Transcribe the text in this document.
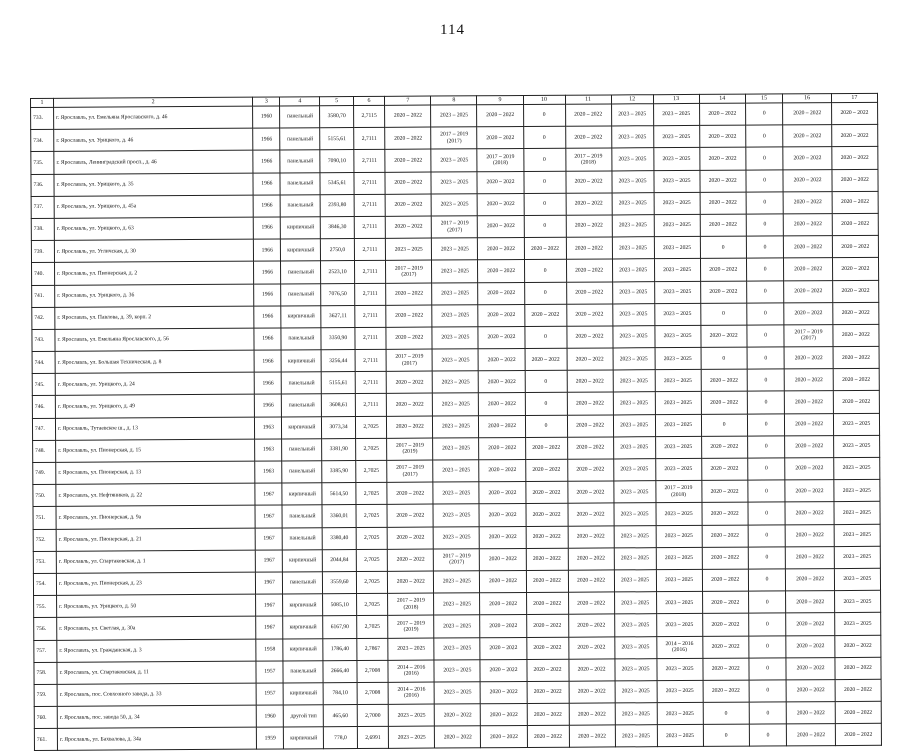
114
1	2	3	4	5	6	7	8	9	10	11	12	13	14	15	16	17
733.	г. Ярославль, ул. Емельяна Ярославского, д. 46	1960	панельный	3580,70	2,7115	2020 – 2022	2023 – 2025	2020 – 2022	0	2020 – 2022	2023 – 2025	2023 – 2025	2020 – 2022	0	2020 – 2022	2020 – 2022
734.	г. Ярославль, ул. Урицкого, д. 46	1966	панельный	5155,61	2,7111	2020 – 2022	2017 – 2019
(2017)	2020 – 2022	0	2020 – 2022	2023 – 2025	2023 – 2025	2020 – 2022	0	2020 – 2022	2020 – 2022
735.	г. Ярославль, Ленинградский просп., д. 46	1966	панельный	7090,10	2,7111	2020 – 2022	2023 – 2025	2017 – 2019
(2018)	0	2017 – 2019
(2018)	2023 – 2025	2023 – 2025	2020 – 2022	0	2020 – 2022	2020 – 2022
736.	г. Ярославль, ул. Урицкого, д. 35	1966	панельный	5345,61	2,7111	2020 – 2022	2023 – 2025	2020 – 2022	0	2020 – 2022	2023 – 2025	2023 – 2025	2020 – 2022	0	2020 – 2022	2020 – 2022
737.	г. Ярославль, ул. Урицкого, д. 45а	1966	панельный	2393,80	2,7111	2020 – 2022	2023 – 2025	2020 – 2022	0	2020 – 2022	2023 – 2025	2023 – 2025	2020 – 2022	0	2020 – 2022	2020 – 2022
738.	г. Ярославль, ул. Урицкого, д. 63	1966	кирпичный	3846,30	2,7111	2020 – 2022	2017 – 2019
(2017)	2020 – 2022	0	2020 – 2022	2023 – 2025	2023 – 2025	2020 – 2022	0	2020 – 2022	2020 – 2022
739.	г. Ярославль, ул. Угличская, д. 30	1966	кирпичный	2750,0	2,7111	2023 – 2025	2023 – 2025	2020 – 2022	2020 – 2022	2020 – 2022	2023 – 2025	2023 – 2025	0	0	2020 – 2022	2020 – 2022
740.	г. Ярославль, ул. Пионерская, д. 2	1966	панельный	2523,10	2,7111	2017 – 2019
(2017)	2023 – 2025	2020 – 2022	0	2020 – 2022	2023 – 2025	2023 – 2025	2020 – 2022	0	2020 – 2022	2020 – 2022
741.	г. Ярославль, ул. Урицкого, д. 36	1966	панельный	7076,50	2,7111	2020 – 2022	2023 – 2025	2020 – 2022	0	2020 – 2022	2023 – 2025	2023 – 2025	2020 – 2022	0	2020 – 2022	2020 – 2022
742.	г. Ярославль, ул. Павлова, д. 39, корп. 2	1966	кирпичный	3627,11	2,7111	2020 – 2022	2023 – 2025	2020 – 2022	2020 – 2022	2020 – 2022	2023 – 2025	2023 – 2025	0	0	2020 – 2022	2020 – 2022
743.	г. Ярославль, ул. Емельяна Ярославского, д. 56	1966	панельный	3350,90	2,7111	2020 – 2022	2023 – 2025	2020 – 2022	0	2020 – 2022	2023 – 2025	2023 – 2025	2020 – 2022	0	2017 – 2019
(2017)	2020 – 2022
744.	г. Ярославль, ул. Большая Техническая, д. 8	1966	кирпичный	3256,44	2,7111	2017 – 2019
(2017)	2023 – 2025	2020 – 2022	2020 – 2022	2020 – 2022	2023 – 2025	2023 – 2025	0	0	2020 – 2022	2020 – 2022
745.	г. Ярославль, ул. Урицкого, д. 24	1966	панельный	5155,61	2,7111	2020 – 2022	2023 – 2025	2020 – 2022	0	2020 – 2022	2023 – 2025	2023 – 2025	2020 – 2022	0	2020 – 2022	2020 – 2022
746.	г. Ярославль, ул. Урицкого, д. 49	1966	панельный	3608,61	2,7111	2020 – 2022	2023 – 2025	2020 – 2022	0	2020 – 2022	2023 – 2025	2023 – 2025	2020 – 2022	0	2020 – 2022	2020 – 2022
747.	г. Ярославль, Тутаевское ш., д. 13	1963	кирпичный	3073,34	2,7025	2020 – 2022	2023 – 2025	2020 – 2022	0	2020 – 2022	2023 – 2025	2023 – 2025	0	0	2020 – 2022	2023 – 2025
748.	г. Ярославль, ул. Пионерская, д. 15	1963	панельный	3381,90	2,7025	2017 – 2019
(2019)	2023 – 2025	2020 – 2022	2020 – 2022	2020 – 2022	2023 – 2025	2023 – 2025	2020 – 2022	0	2020 – 2022	2023 – 2025
749.	г. Ярославль, ул. Пионерская, д. 13	1963	панельный	3385,90	2,7025	2017 – 2019
(2017)	2023 – 2025	2020 – 2022	2020 – 2022	2020 – 2022	2023 – 2025	2023 – 2025	2020 – 2022	0	2020 – 2022	2023 – 2025
750.	г. Ярославль, ул. Нефтяников, д. 22	1967	кирпичный	5614,50	2,7025	2020 – 2022	2023 – 2025	2020 – 2022	2020 – 2022	2020 – 2022	2023 – 2025	2017 – 2019
(2018)	2020 – 2022	0	2020 – 2022	2023 – 2025
751.	г. Ярославль, ул. Пионерская, д. 9а	1967	панельный	3360,01	2,7025	2020 – 2022	2023 – 2025	2020 – 2022	2020 – 2022	2020 – 2022	2023 – 2025	2023 – 2025	2020 – 2022	0	2020 – 2022	2023 – 2025
752.	г. Ярославль, ул. Пионерская, д. 21	1967	панельный	3380,40	2,7025	2020 – 2022	2023 – 2025	2020 – 2022	2020 – 2022	2020 – 2022	2023 – 2025	2023 – 2025	2020 – 2022	0	2020 – 2022	2023 – 2025
753.	г. Ярославль, ул. Спартаковская, д. 1	1967	кирпичный	2044,84	2,7025	2020 – 2022	2017 – 2019
(2017)	2020 – 2022	2020 – 2022	2020 – 2022	2023 – 2025	2023 – 2025	2020 – 2022	0	2020 – 2022	2023 – 2025
754.	г. Ярославль, ул. Пионерская, д. 23	1967	панельный	3559,60	2,7025	2020 – 2022	2023 – 2025	2020 – 2022	2020 – 2022	2020 – 2022	2023 – 2025	2023 – 2025	2020 – 2022	0	2020 – 2022	2023 – 2025
755.	г. Ярославль, ул. Урицкого, д. 50	1967	кирпичный	5085,10	2,7025	2017 – 2019
(2018)	2023 – 2025	2020 – 2022	2020 – 2022	2020 – 2022	2023 – 2025	2023 – 2025	2020 – 2022	0	2020 – 2022	2023 – 2025
756.	г. Ярославль, ул. Светлая, д. 30а	1967	кирпичный	6167,90	2,7025	2017 – 2019
(2019)	2023 – 2025	2020 – 2022	2020 – 2022	2020 – 2022	2023 – 2025	2023 – 2025	2020 – 2022	0	2020 – 2022	2023 – 2025
757.	г. Ярославль, ул. Гражданская, д. 3	1958	кирпичный	1786,40	2,7867	2023 – 2025	2023 – 2025	2020 – 2022	2020 – 2022	2020 – 2022	2023 – 2025	2014 – 2016
(2016)	2020 – 2022	0	2020 – 2022	2020 – 2022
758.	г. Ярославль, ул. Спартаковская, д. 11	1957	панельный	2666,40	2,7008	2014 – 2016
(2016)	2023 – 2025	2020 – 2022	2020 – 2022	2020 – 2022	2023 – 2025	2023 – 2025	2020 – 2022	0	2020 – 2022	2020 – 2022
759.	г. Ярославль, пос. Совхозного завода, д. 33	1957	кирпичный	784,10	2,7008	2014 – 2016
(2016)	2023 – 2025	2020 – 2022	2020 – 2022	2020 – 2022	2023 – 2025	2023 – 2025	2020 – 2022	0	2020 – 2022	2020 – 2022
760.	г. Ярославль, пос. завода 50, д. 34	1960	другой тип	465,60	2,7000	2023 – 2025	2020 – 2022	2020 – 2022	2020 – 2022	2020 – 2022	2023 – 2025	2023 – 2025	0	0	2020 – 2022	2020 – 2022
761.	г. Ярославль, ул. Бахвалова, д. 34а	1959	кирпичный	778,0	2,6991	2023 – 2025	2020 – 2022	2020 – 2022	2020 – 2022	2020 – 2022	2023 – 2025	2023 – 2025	0	0	2020 – 2022	2020 – 2022
